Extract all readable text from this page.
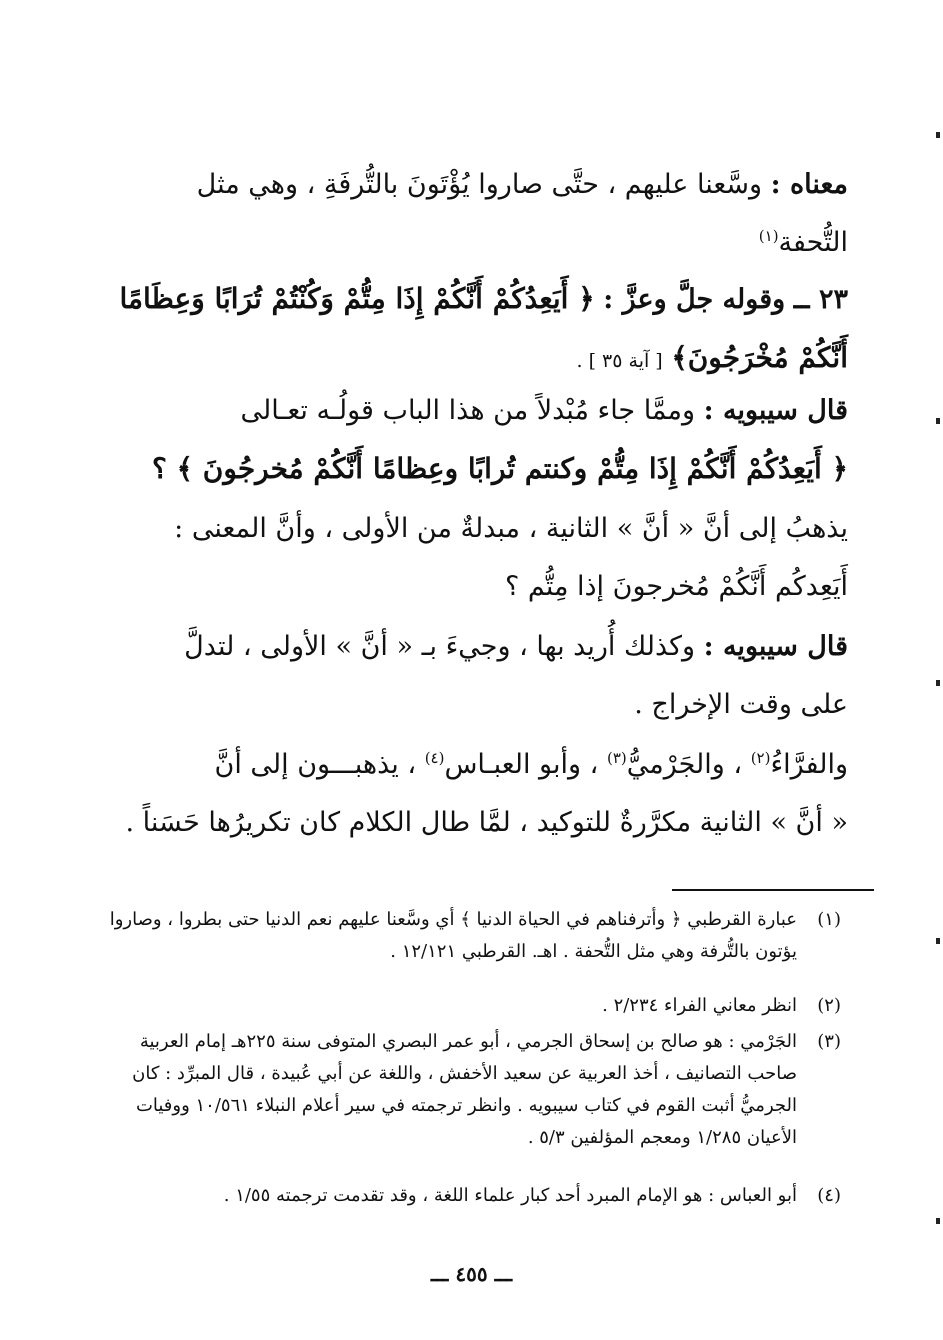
معناه : وسَّعنا عليهم ، حتَّى صاروا يُؤْتَونَ بالتُّرفَةِ ، وهي مثل

التُّحفة$^{(١)}$

٢٣ ــ وقوله جلَّ وعزَّ : ﴿ أَيَعِدُكُمْ أَنَّكُمْ إِذَا مِتُّمْ وَكُنْتُمْ تُرَابًا وَعِظَامًا

أَنَّكُمْ مُخْرَجُونَ﴾ [ آية ٣٥ ] .

قال سيبويه : وممَّا جاء مُبْدلاً من هذا الباب قولُـه تعـالى

﴿ أَيَعِدُكُمْ أَنَّكُمْ إِذَا مِتُّمْ وكنتم تُرابًا وعِظامًا أَنَّكُمْ مُخرجُونَ ﴾ ؟

يذهبُ إلى أنَّ « أنَّ » الثانية ، مبدلةٌ من الأولى ، وأنَّ المعنى :

أَيَعِدكُم أَنَّكُمْ مُخرجونَ إذا مِتُّم ؟

قال سيبويه : وكذلك أُريد بها ، وجيءَ بـ « أنَّ » الأولى ، لتدلَّ

على وقت الإخراج .

والفرَّاءُ$^{(٢)}$ ، والجَرْميُّ$^{(٣)}$ ، وأبو العبـاس$^{(٤)}$ ، يذهبـــون إلى أنَّ

« أنَّ » الثانية مكرَّرةٌ للتوكيد ، لمَّا طال الكلام كان تكريرُها حَسَناً .

(١)

عبارة القرطبي ﴿ وأترفناهم في الحياة الدنيا ﴾ أي وسَّعنا عليهم نعم الدنيا حتى بطروا ، وصاروا

يؤتون بالتُّرفة وهي مثل التُّحفة . اهـ. القرطبي ١٢/١٢١ .

(٢)

انظر معاني الفراء ٢/٢٣٤ .

(٣)

الجَرْمي : هو صالح بن إسحاق الجرمي ، أبو عمر البصري المتوفى سنة ٢٢٥هـ إمام العربية

صاحب التصانيف ، أخذ العربية عن سعيد الأخفش ، واللغة عن أبي عُبيدة ، قال المبرِّد : كان

الجرميُّ أثبت القوم في كتاب سيبويه . وانظر ترجمته في سير أعلام النبلاء ١٠/٥٦١ ووفيات

الأعيان ١/٢٨٥ ومعجم المؤلفين ٥/٣ .

(٤)

أبو العباس : هو الإمام المبرد أحد كبار علماء اللغة ، وقد تقدمت ترجمته ١/٥٥ .

ـــ ٤٥٥ ـــ
